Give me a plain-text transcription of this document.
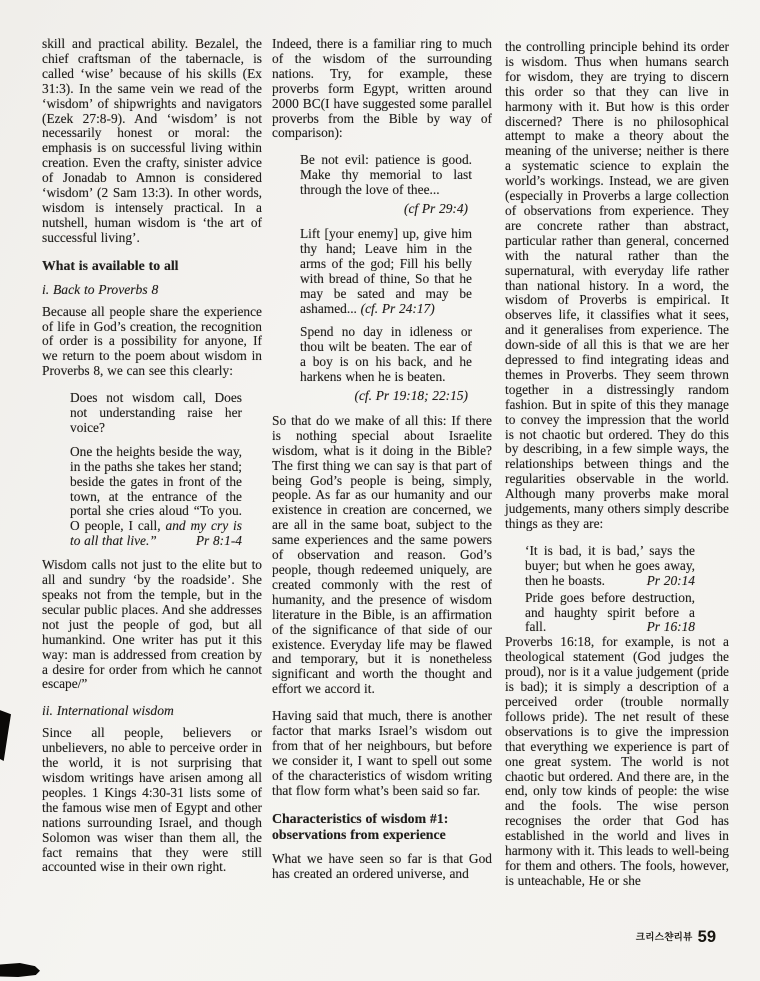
skill and practical ability. Bezalel, the chief craftsman of the tabernacle, is called ‘wise’ because of his skills (Ex 31:3). In the same vein we read of the ‘wisdom’ of shipwrights and navigators (Ezek 27:8-9). And ‘wisdom’ is not necessarily honest or moral: the emphasis is on successful living within creation. Even the crafty, sinister advice of Jonadab to Amnon is considered ‘wisdom’ (2 Sam 13:3). In other words, wisdom is intensely practical. In a nutshell, human wisdom is ‘the art of successful living’.
What is available to all
i. Back to Proverbs 8
Because all people share the experience of life in God’s creation, the recognition of order is a possibility for anyone, If we return to the poem about wisdom in Proverbs 8, we can see this clearly:
Does not wisdom call, Does not understanding raise her voice?
One the heights beside the way, in the paths she takes her stand; beside the gates in front of the town, at the entrance of the portal she cries aloud “To you. O people, I call, and my cry is to all that live.”	Pr 8:1-4
Wisdom calls not just to the elite but to all and sundry ‘by the roadside’. She speaks not from the temple, but in the secular public places. And she addresses not just the people of god, but all humankind. One writer has put it this way: man is addressed from creation by a desire for order from which he cannot escape/”
ii. International wisdom
Since all people, believers or unbelievers, no able to perceive order in the world, it is not surprising that wisdom writings have arisen among all peoples. 1 Kings 4:30-31 lists some of the famous wise men of Egypt and other nations surrounding Israel, and though Solomon was wiser than them all, the fact remains that they were still accounted wise in their own right.
Indeed, there is a familiar ring to much of the wisdom of the surrounding nations. Try, for example, these proverbs form Egypt, written around 2000 BC(I have suggested some parallel proverbs from the Bible by way of comparison):
Be not evil: patience is good. Make thy memorial to last through the love of thee...
(cf Pr 29:4)
Lift [your enemy] up, give him thy hand; Leave him in the arms of the god; Fill his belly with bread of thine, So that he may be sated and may be ashamed... (cf. Pr 24:17)
Spend no day in idleness or thou wilt be beaten. The ear of a boy is on his back, and he harkens when he is beaten.
(cf. Pr 19:18; 22:15)
So that do we make of all this: If there is nothing special about Israelite wisdom, what is it doing in the Bible? The first thing we can say is that part of being God’s people is being, simply, people. As far as our humanity and our existence in creation are concerned, we are all in the same boat, subject to the same experiences and the same powers of observation and reason. God’s people, though redeemed uniquely, are created commonly with the rest of humanity, and the presence of wisdom literature in the Bible, is an affirmation of the significance of that side of our existence. Everyday life may be flawed and temporary, but it is nonetheless significant and worth the thought and effort we accord it.
Having said that much, there is another factor that marks Israel’s wisdom out from that of her neighbours, but before we consider it, I want to spell out some of the characteristics of wisdom writing that flow form what’s been said so far.
Characteristics of wisdom #1: observations from experience
What we have seen so far is that God has created an ordered universe, and
the controlling principle behind its order is wisdom. Thus when humans search for wisdom, they are trying to discern this order so that they can live in harmony with it. But how is this order discerned? There is no philosophical attempt to make a theory about the meaning of the universe; neither is there a systematic science to explain the world’s workings. Instead, we are given (especially in Proverbs a large collection of observations from experience. They are concrete rather than abstract, particular rather than general, concerned with the natural rather than the supernatural, with everyday life rather than national history. In a word, the wisdom of Proverbs is empirical. It observes life, it classifies what it sees, and it generalises from experience. The down-side of all this is that we are her depressed to find integrating ideas and themes in Proverbs. They seem thrown together in a distressingly random fashion. But in spite of this they manage to convey the impression that the world is not chaotic but ordered. They do this by describing, in a few simple ways, the relationships between things and the regularities observable in the world. Although many proverbs make moral judgements, many others simply describe things as they are:
‘It is bad, it is bad,’ says the buyer; but when he goes away, then he boasts.	Pr 20:14
Pride goes before destruction, and haughty spirit before a fall.	Pr 16:18
Proverbs 16:18, for example, is not a theological statement (God judges the proud), nor is it a value judgement (pride is bad); it is simply a description of a perceived order (trouble normally follows pride). The net result of these observations is to give the impression that everything we experience is part of one great system. The world is not chaotic but ordered. And there are, in the end, only tow kinds of people: the wise and the fools. The wise person recognises the order that God has established in the world and lives in harmony with it. This leads to well-being for them and others. The fools, however, is unteachable, He or she
크리스챤리뷰 59
